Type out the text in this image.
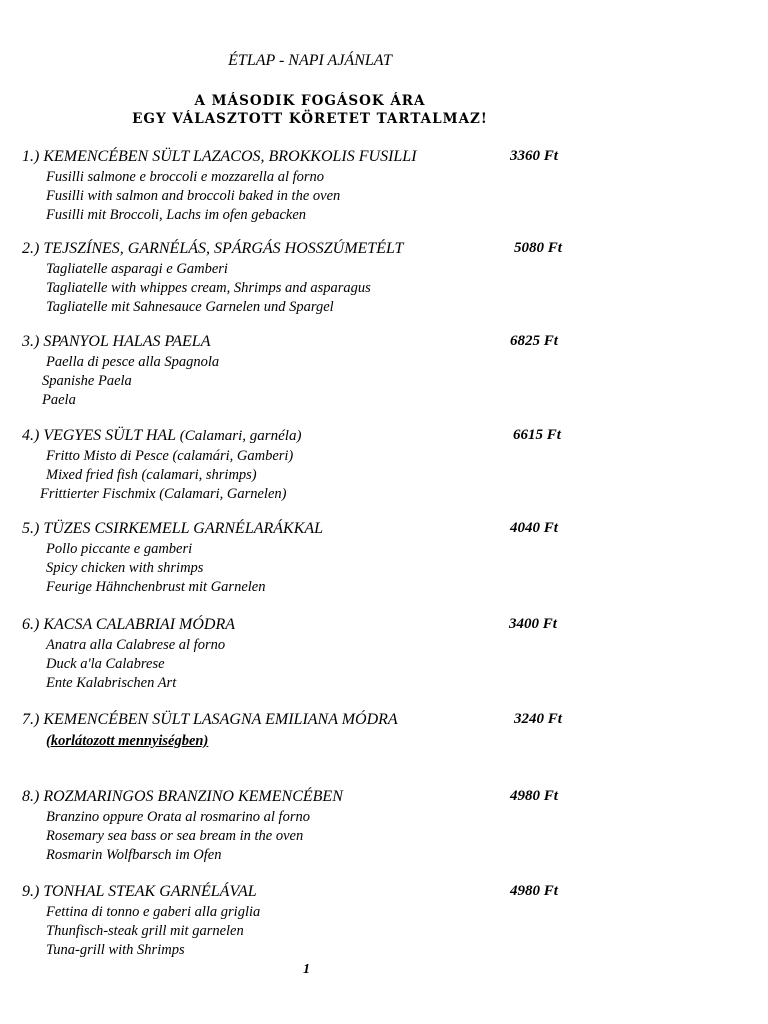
ÉTLAP - NAPI AJÁNLAT
A MÁSODIK FOGÁSOK ÁRA
EGY VÁLASZTOTT KÖRETET TARTALMAZ!
1.) KEMENCÉBEN SÜLT LAZACOS, BROKKOLIS FUSILLI	3360 Ft
Fusilli salmone e broccoli e mozzarella al forno
Fusilli with salmon and broccoli baked in the oven
Fusilli mit Broccoli, Lachs im ofen gebacken
2.) TEJSZÍNES, GARNÉLÁS, SPÁRGÁS HOSSZÚMETÉLT	5080 Ft
Tagliatelle asparagi e Gamberi
Tagliatelle with whippes cream, Shrimps and asparagus
Tagliatelle mit Sahnesauce Garnelen und Spargel
3.) SPANYOL HALAS PAELA	6825 Ft
Paella di pesce alla Spagnola
Spanishe Paela
Paela
4.) VEGYES SÜLT HAL (Calamari, garnéla)	6615 Ft
Fritto Misto di Pesce (calamári, Gamberi)
Mixed fried fish (calamari, shrimps)
Frittierter Fischmix (Calamari, Garnelen)
5.) TÜZES CSIRKEMELL GARNÉLARÁKKAL	4040 Ft
Pollo piccante e gamberi
Spicy chicken with shrimps
Feurige Hähnchenbrust mit Garnelen
6.) KACSA CALABRIAI MÓDRA	3400 Ft
Anatra alla Calabrese al forno
Duck a'la Calabrese
Ente Kalabrischen Art
7.) KEMENCÉBEN SÜLT LASAGNA EMILIANA MÓDRA	3240 Ft
(korlátozott mennyiségben)
8.) ROZMARINGOS BRANZINO KEMENCÉBEN	4980 Ft
Branzino oppure Orata al rosmarino al forno
Rosemary sea bass or sea bream in the oven
Rosmarin Wolfbarsch im Ofen
9.) TONHAL STEAK GARNÉLÁVAL	4980 Ft
Fettina di tonno e gaberi alla griglia
Thunfisch-steak grill mit garnelen
Tuna-grill with Shrimps
1
